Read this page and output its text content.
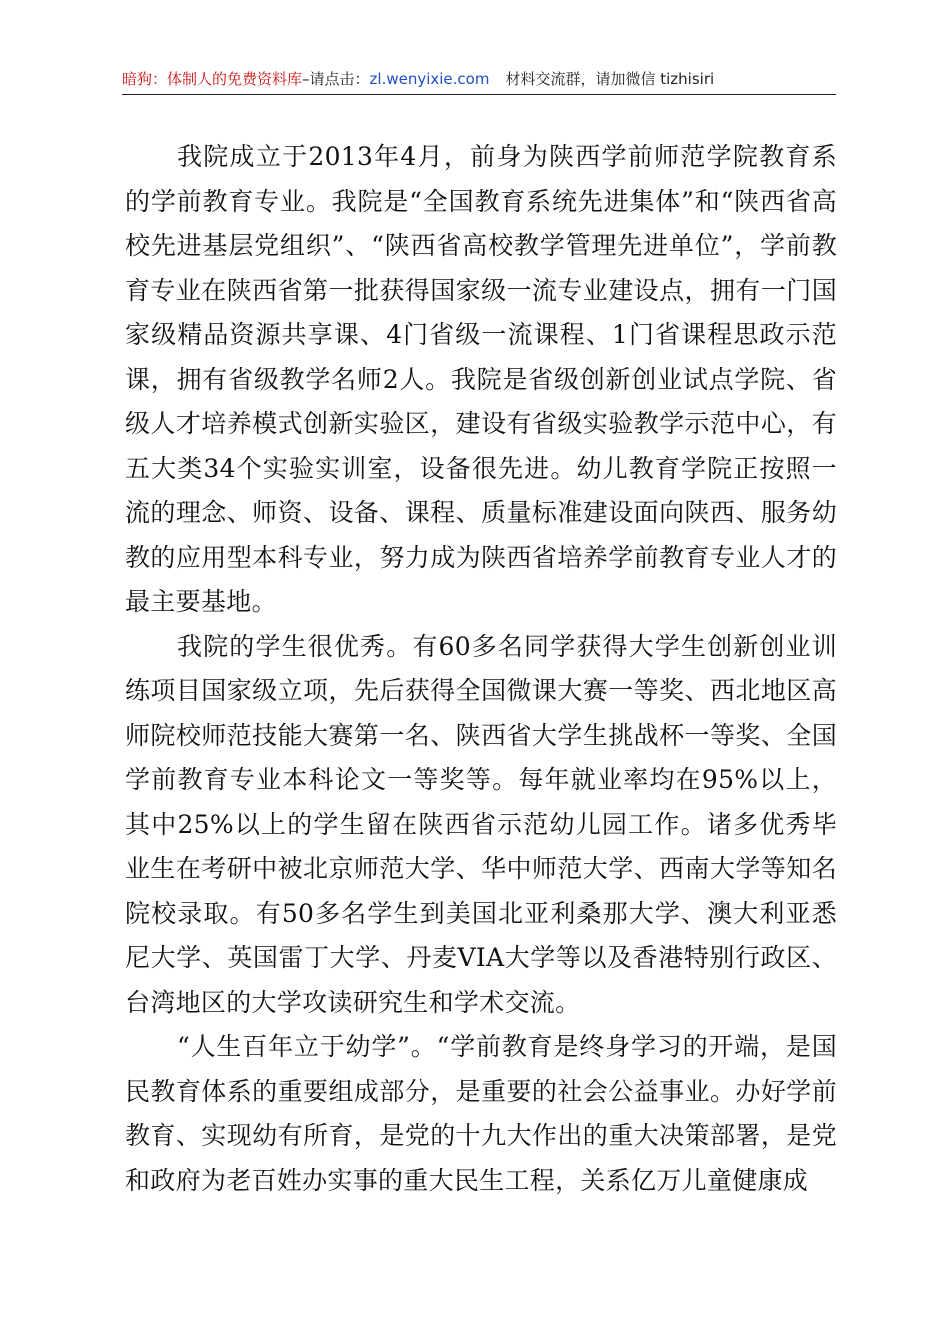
暗狗：体制人的免费资料库–请点击：zl.wenyixie.com 材料交流群，请加微信 tizhisiri

我院成立于2013年4月，前身为陕西学前师范学院教育系的学前教育专业。我院是“全国教育系统先进集体”和“陕西省高校先进基层党组织”、“陕西省高校教学管理先进单位”，学前教育专业在陕西省第一批获得国家级一流专业建设点，拥有一门国家级精品资源共享课、4门省级一流课程、1门省课程思政示范课，拥有省级教学名师2人。我院是省级创新创业试点学院、省级人才培养模式创新实验区，建设有省级实验教学示范中心，有五大类34个实验实训室，设备很先进。幼儿教育学院正按照一流的理念、师资、设备、课程、质量标准建设面向陕西、服务幼教的应用型本科专业，努力成为陕西省培养学前教育专业人才的最主要基地。

我院的学生很优秀。有60多名同学获得大学生创新创业训练项目国家级立项，先后获得全国微课大赛一等奖、西北地区高师院校师范技能大赛第一名、陕西省大学生挑战杯一等奖、全国学前教育专业本科论文一等奖等。每年就业率均在95%以上，其中25%以上的学生留在陕西省示范幼儿园工作。诸多优秀毕业生在考研中被北京师范大学、华中师范大学、西南大学等知名院校录取。有50多名学生到美国北亚利桑那大学、澳大利亚悉尼大学、英国雷丁大学、丹麦VIA大学等以及香港特别行政区、台湾地区的大学攻读研究生和学术交流。

“人生百年立于幼学”。“学前教育是终身学习的开端，是国民教育体系的重要组成部分，是重要的社会公益事业。办好学前教育、实现幼有所育，是党的十九大作出的重大决策部署，是党和政府为老百姓办实事的重大民生工程，关系亿万儿童健康成
